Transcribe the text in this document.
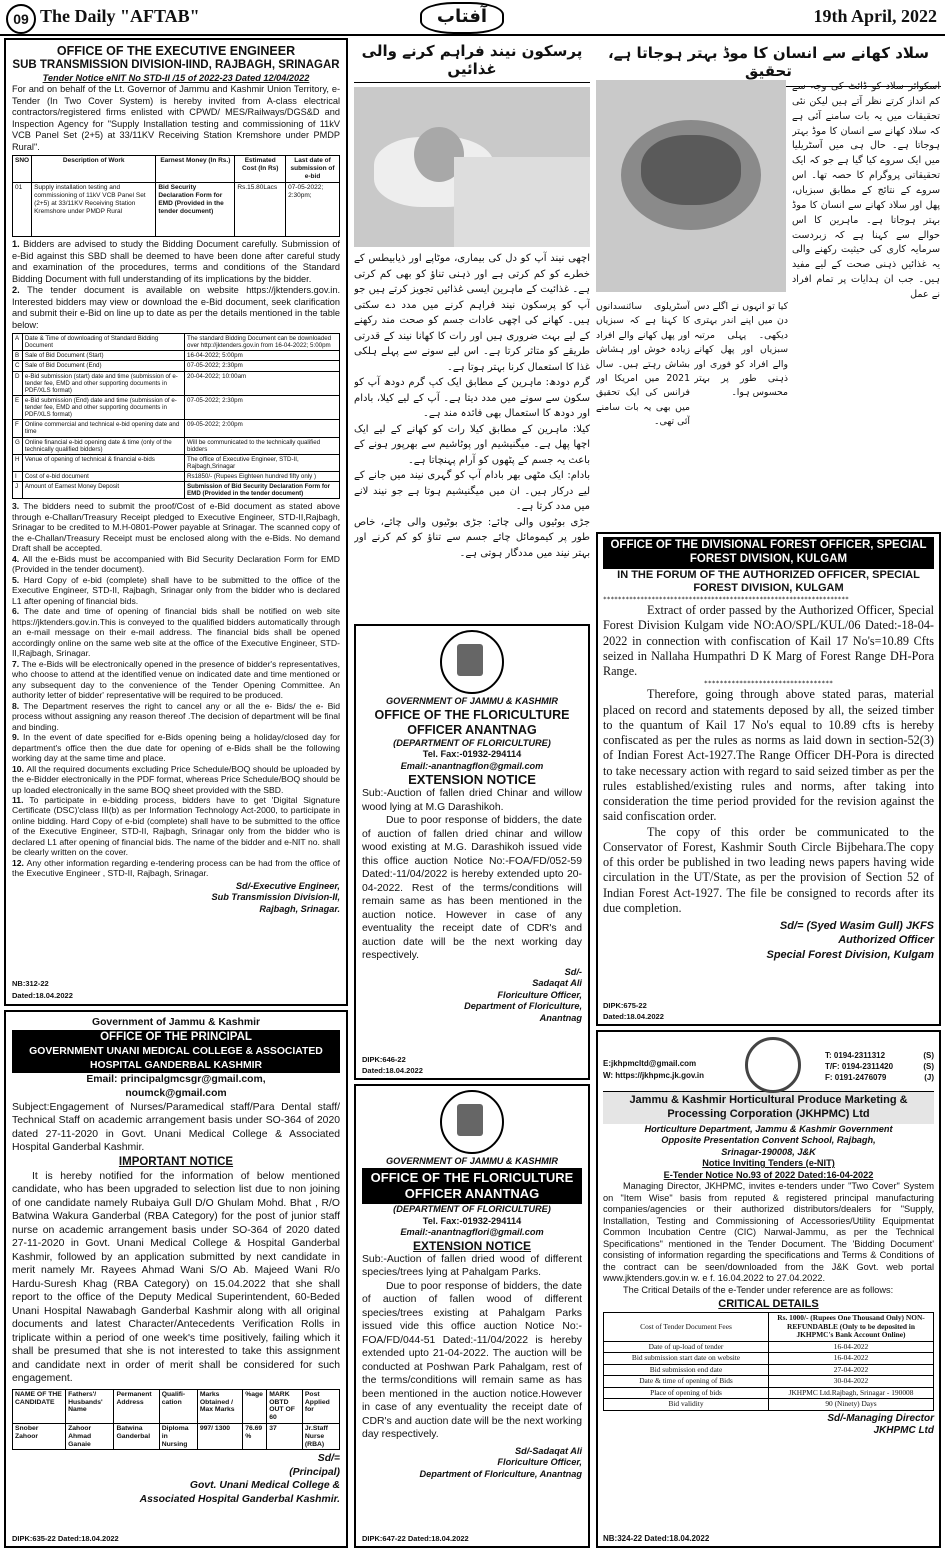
09 The Daily "AFTAB"	آفتاب	19th April, 2022
OFFICE OF THE EXECUTIVE ENGINEER
SUB TRANSMISSION DIVISION-IIND, RAJBAGH, SRINAGAR
Tender Notice eNIT No STD-II /15 of 2022-23 Dated 12/04/2022
For and on behalf of the Lt. Governor of Jammu and Kashmir Union Territory, e-Tender (In Two Cover System) is hereby invited from A-class electrical contractors/registered firms enlisted with CPWD/ MES/Railways/DGS&D and Inspection Agency for "Supply Installation testing and commissioning of 11kV VCB Panel Set (2+5) at 33/11KV Receiving Station Kremshore under PMDP Rural".
SNO	Description of Work	Earnest Money (In Rs.)	Estimated Cost (In Rs)	Last date of submission of e-bid
01	Supply installation testing and commissioning of 11kV VCB Panel Set (2+5) at 33/11KV Receiving Station Kremshore under PMDP Rural	Bid Security Declaration Form for EMD (Provided in the tender document)	Rs.15.80Lacs	07-05-2022; 2:30pm;
1. Bidders are advised to study the Bidding Document carefully. Submission of e-Bid against this SBD shall be deemed to have been done after careful study and examination of the procedures, terms and conditions of the Standard Bidding Document with full understanding of its implications by the bidder.
2. The tender document is available on website https://jktenders.gov.in. Interested bidders may view or download the e-Bid document, seek clarification and submit their e-Bid on line up to date as per the details mentioned in the table below:
A	Date & Time of downloading of Standard Bidding Document	The standard Bidding Document can be downloaded over http://jktenders.gov.in from 16-04-2022; 5:00pm
B	Sale of Bid Document (Start)	16-04-2022; 5:00pm
C	Sale of Bid Document (End)	07-05-2022; 2:30pm
D	e-Bid submission (start) date and time (submission of e-tender fee, EMD and other supporting documents in PDF/XLS format)	20-04-2022; 10:00am
E	e-Bid submission (End) date and time (submission of e-tender fee, EMD and other supporting documents in PDF/XLS format)	07-05-2022; 2:30pm
F	Online commercial and technical e-bid opening date and time	09-05-2022; 2:00pm
G	Online financial e-bid opening date & time (only of the technically qualified bidders)	Will be communicated to the technically qualified bidders
H	Venue of opening of technical & financial e-bids	The office of Executive Engineer, STD-II, Rajbagh,Srinagar
I	Cost of e-bid document	Rs1850/- (Rupees Eighteen hundred fifty only )
J	Amount of Earnest Money Deposit	Submission of Bid Security Declaration Form for EMD (Provided in the tender document)
3. The bidders need to submit the proof/Cost of e-Bid document as stated above through e-Challan/Treasury Receipt pledged to Executive Engineer, STD-II,Rajbagh, Srinagar to be credited to M.H-0801-Power payable at Srinagar. The scanned copy of the e-Challan/Treasury Receipt must be enclosed along with the e-Bids. No demand Draft shall be accepted.
4. All the e-Bids must be accompanied with Bid Security Declaration Form for EMD (Provided in the tender document).
5. Hard Copy of e-bid (complete) shall have to be submitted to the office of the Executive Engineer, STD-II, Rajbagh, Srinagar only from the bidder who is declared L1 after opening of financial bids.
6. The date and time of opening of financial bids shall be notified on web site https://jktenders.gov.in.This is conveyed to the qualified bidders automatically through an e-mail message on their e-mail address. The financial bids shall be opened accordingly online on the same web site at the office of the Executive Engineer, STD-II,Rajbagh, Srinagar.
7. The e-Bids will be electronically opened in the presence of bidder's representatives, who choose to attend at the identified venue on indicated date and time mentioned or any subsequent day to the convenience of the Tender Opening Committee. An authority letter of bidder' representative will be required to be produced.
8. The Department reserves the right to cancel any or all the e- Bids/ the e- Bid process without assigning any reason thereof .The decision of department will be final and binding.
9. In the event of date specified for e-Bids opening being a holiday/closed day for department's office then the due date for opening of e-Bids shall be the following working day at the same time and place.
10. All the required documents excluding Price Schedule/BOQ should be uploaded by the e-Bidder electronically in the PDF format, whereas Price Schedule/BOQ should be up loaded electronically in the same BOQ sheet provided with the SBD.
11. To participate in e-bidding process, bidders have to get 'Digital Signature Certificate (DSC)'class III(b) as per Information Technology Act-2000, to participate in online bidding. Hard Copy of e-bid (complete) shall have to be submitted to the office of the Executive Engineer, STD-II, Rajbagh, Srinagar only from the bidder who is declared L1 after opening of financial bids. The name of the bidder and e-NIT no. shall be clearly written on the cover.
12. Any other information regarding e-tendering process can be had from the office of the Executive Engineer , STD-II, Rajbagh, Srinagar.
Sd/-Executive Engineer,
Sub Transmission Division-II,
Rajbagh, Srinagar.
NB:312-22
Dated:18.04.2022
Government of Jammu & Kashmir
OFFICE OF THE PRINCIPAL
GOVERNMENT UNANI MEDICAL COLLEGE & ASSOCIATED HOSPITAL GANDERBAL KASHMIR
Email: principalgmcsgr@gmail.com,
noumck@gmail.com
Subject:Engagement of Nurses/Paramedical staff/Para Dental staff/ Technical Staff on academic arrangement basis under SO-364 of 2020 dated 27-11-2020 in Govt. Unani Medical College & Associated Hospital Ganderbal Kashmir.
IMPORTANT NOTICE
It is hereby notified for the information of below mentioned candidate, who has been upgraded to selection list due to non joining of one candidate namely Rubaiya Gull D/O Ghulam Mohd. Bhat , R/O Batwina Wakura Ganderbal (RBA Category) for the post of junior staff nurse on academic arrangement basis under SO-364 of 2020 dated 27-11-2020 in Govt. Unani Medical College & Hospital Ganderbal Kashmir, followed by an application submitted by next candidate in merit namely Mr. Rayees Ahmad Wani S/O Ab. Majeed Wani R/o Hardu-Suresh Khag (RBA Category) on 15.04.2022 that she shall report to the office of the Deputy Medical Superintendent, 60-Beded Unani Hospital Nawabagh Ganderbal Kashmir along with all original documents and latest Character/Antecedents Verification Rolls in triplicate within a period of one week's time positively, failing which it shall be presumed that she is not interested to take this assignment and candidate next in order of merit shall be considered for such engagement.
NAME OF THE CANDIDATE	Fathers'/ Husbands' Name	Permanent Address	Qualifi-cation	Marks Obtained / Max Marks	%age	MARK OBTD OUT OF 60	Post Applied for
Snober Zahoor	Zahoor Ahmad Ganaie	Batwina Ganderbal	Diploma in Nursing	997/ 1300	76.69 %	37	Jr.Staff Nurse (RBA)
Sd/=
(Principal)
Govt. Unani Medical College &
Associated Hospital Ganderbal Kashmir.
DIPK:635-22 Dated:18.04.2022
پرسکون نیند فراہم کرنے والی غذائیں
اچھی نیند آپ کو دل کی بیماری، موٹاپے اور ذیابیطس کے خطرے کو کم کرتی ہے اور ذہنی تناؤ کو بھی کم کرتی ہے۔ غذائیت کے ماہرین ایسی غذائیں تجویز کرتے ہیں جو آپ کو پرسکون نیند فراہم کرنے میں مدد دے سکتی ہیں۔ کھانے کی اچھی عادات جسم کو صحت مند رکھنے کے لیے بہت ضروری ہیں اور رات کا کھانا نیند کے قدرتی طریقے کو متاثر کرتا ہے۔ اس لیے سونے سے پہلے ہلکی غذا کا استعمال کرنا بہتر ہوتا ہے۔
گرم دودھ: ماہرین کے مطابق ایک کپ گرم دودھ آپ کو سکون سے سونے میں مدد دیتا ہے۔ آپ کے لیے کیلا، بادام اور دودھ کا استعمال بھی فائدہ مند ہے۔
کیلا: ماہرین کے مطابق کیلا رات کو کھانے کے لیے ایک اچھا پھل ہے۔ میگنیشیم اور پوٹاشیم سے بھرپور ہونے کے باعث یہ جسم کے پٹھوں کو آرام پہنچاتا ہے۔
بادام: ایک مٹھی بھر بادام آپ کو گہری نیند میں جانے کے لیے درکار ہیں۔ ان میں میگنیشیم ہوتا ہے جو نیند لانے میں مدد کرتا ہے۔
جڑی بوٹیوں والی چائے: جڑی بوٹیوں والی چائے، خاص طور پر کیمومائل چائے جسم سے تناؤ کو کم کرنے اور بہتر نیند میں مددگار ہوتی ہے۔
GOVERNMENT OF JAMMU & KASHMIR
OFFICE OF THE FLORICULTURE OFFICER ANANTNAG
(DEPARTMENT OF FLORICULTURE)
Tel. Fax:-01932-294114
Email:-anantnagflon@gmail.com
EXTENSION NOTICE
Sub:-Auction of fallen dried Chinar and willow wood lying at M.G Darashikoh.
Due to poor response of bidders, the date of auction of fallen dried chinar and willow wood existing at M.G. Darashikoh issued vide this office auction Notice No:-FOA/FD/052-59 Dated:-11/04/2022 is hereby extended upto 20-04-2022. Rest of the terms/conditions will remain same as has been mentioned in the auction notice. However in case of any eventuality the receipt date of CDR's and auction date will be the next working day respectively.
Sd/-
Sadaqat Ali
Floriculture Officer,
Department of Floriculture,
Anantnag
DIPK:646-22
Dated:18.04.2022
GOVERNMENT OF JAMMU & KASHMIR
OFFICE OF THE FLORICULTURE OFFICER ANANTNAG
(DEPARTMENT OF FLORICULTURE)
Tel. Fax:-01932-294114
Email:-anantnagflori@gmail.com
EXTENSION NOTICE
Sub:-Auction of fallen dried wood of different species/trees lying at Pahalgam Parks.
Due to poor response of bidders, the date of auction of fallen wood of different species/trees existing at Pahalgam Parks issued vide this office auction Notice No:-FOA/FD/044-51 Dated:-11/04/2022 is hereby extended upto 21-04-2022. The auction will be conducted at Poshwan Park Pahalgam, rest of the terms/conditions will remain same as has been mentioned in the auction notice.However in case of any eventuality the receipt date of CDR's and auction date will be the next working day respectively.
Sd/-Sadaqat Ali
Floriculture Officer,
Department of Floriculture, Anantnag
DIPK:647-22 Dated:18.04.2022
سلاد کھانے سے انسان کا موڈ بہتر ہوجاتا ہے، تحقیق
اسکوائر سلاد کو ڈائٹ کی وجہ سے کم انداز کرتے نظر آتے ہیں لیکن نئی تحقیقات میں یہ بات سامنے آئی ہے کہ سلاد کھانے سے انسان کا موڈ بہتر ہوجاتا ہے۔ حال ہی میں آسٹریلیا میں ایک سروے کیا گیا ہے جو کہ ایک تحقیقاتی پروگرام کا حصہ تھا۔ اس سروے کے نتائج کے مطابق سبزیاں، پھل اور سلاد کھانے سے انسان کا موڈ بہتر ہوجاتا ہے۔ ماہرین کا اس حوالے سے کہنا ہے کہ زبردست سرمایہ کاری کی حیثیت رکھنے والی یہ غذائیں ذہنی صحت کے لیے مفید ہیں۔ جب ان ہدایات پر تمام افراد نے عمل
کیا تو انہوں نے اگلے دس دن میں اپنے اندر بہتری دیکھی۔ پہلی مرتبہ سبزیاں اور پھل کھانے والے افراد کو فوری اور ذہنی طور پر بہتر محسوس ہوا۔
آسٹریلوی سائنسدانوں کا کہنا ہے کہ سبزیاں اور پھل کھانے والے افراد زیادہ خوش اور ہشاش بشاش رہتے ہیں۔ سال 2021 میں امریکا اور فرانس کی ایک تحقیق میں بھی یہ بات سامنے آئی تھی۔
OFFICE OF THE DIVISIONAL FOREST OFFICER, SPECIAL FOREST DIVISION, KULGAM
IN THE FORUM OF THE AUTHORIZED OFFICER, SPECIAL FOREST DIVISION, KULGAM
******************************************************************
Extract of order passed by the Authorized Officer, Special Forest Division Kulgam vide NO:AO/SPL/KUL/06 Dated:-18-04-2022 in connection with confiscation of Kail 17 No's=10.89 Cfts seized in Nallaha Humpathri D K Marg of Forest Range DH-Pora Range.
*********************************
Therefore, going through above stated paras, material placed on record and statements deposed by all, the seized timber to the quantum of Kail 17 No's equal to 10.89 cfts is hereby confiscated as per the rules as norms as laid down in section-52(3) of Indian Forest Act-1927.The Range Officer DH-Pora is directed to take necessary action with regard to said seized timber as per the rules established/existing rules and norms, after taking into consideration the time period provided for the revision against the said confiscation order.
The copy of this order be communicated to the Conservator of Forest, Kashmir South Circle Bijbehara.The copy of this order be published in two leading news papers having wide circulation in the UT/State, as per the provision of Section 52 of Indian Forest Act-1927. The file be consigned to records after its due completion.
Sd/= (Syed Wasim Gull) JKFS
Authorized Officer
Special Forest Division, Kulgam
DIPK:675-22
Dated:18.04.2022
E:jkhpmcltd@gmail.com
W: https://jkhpmc.jk.gov.in
T: 0194-2311312
T/F: 0194-2311420
F: 0191-2476079
(S)
(S)
(J)
Jammu & Kashmir Horticultural Produce Marketing & Processing Corporation (JKHPMC) Ltd
Horticulture Department, Jammu & Kashmir Government
Opposite Presentation Convent School, Rajbagh,
Srinagar-190008, J&K
Notice Inviting Tenders (e-NIT)
E-Tender Notice No.93 of 2022 Dated:16-04-2022
Managing Director, JKHPMC, invites e-tenders under "Two Cover" System on "Item Wise" basis from reputed & registered principal manufacturing companies/agencies or their authorized distributors/dealers for "Supply, Installation, Testing and Commissioning of Accessories/Utility Equipmentat Common Incubation Centre (CIC) Narwal-Jammu, as per the Technical Specifications" mentioned in the Tender Document. The 'Bidding Document' consisting of information regarding the specifications and Terms & Conditions of the contract can be seen/downloaded from the J&K Govt. web portal www.jktenders.gov.in w. e f. 16.04.2022 to 27.04.2022.
The Critical Details of the e-Tender under reference are as follows:
CRITICAL DETAILS
Cost of Tender Document Fees	Rs. 1000/- (Rupees One Thousand Only) NON-REFUNDABLE (Only to be deposited in JKHPMC's Bank Account Online)
Date of up-load of tender	16-04-2022
Bid submission start date on website	16-04-2022
Bid submission end date	27-04-2022
Date & time of opening of Bids	30-04-2022
Place of opening of bids	JKHPMC Ltd.Rajbagh, Srinagar - 190008
Bid validity	90 (Ninety) Days
Sd/-Managing Director
JKHPMC Ltd
NB:324-22 Dated:18.04.2022
